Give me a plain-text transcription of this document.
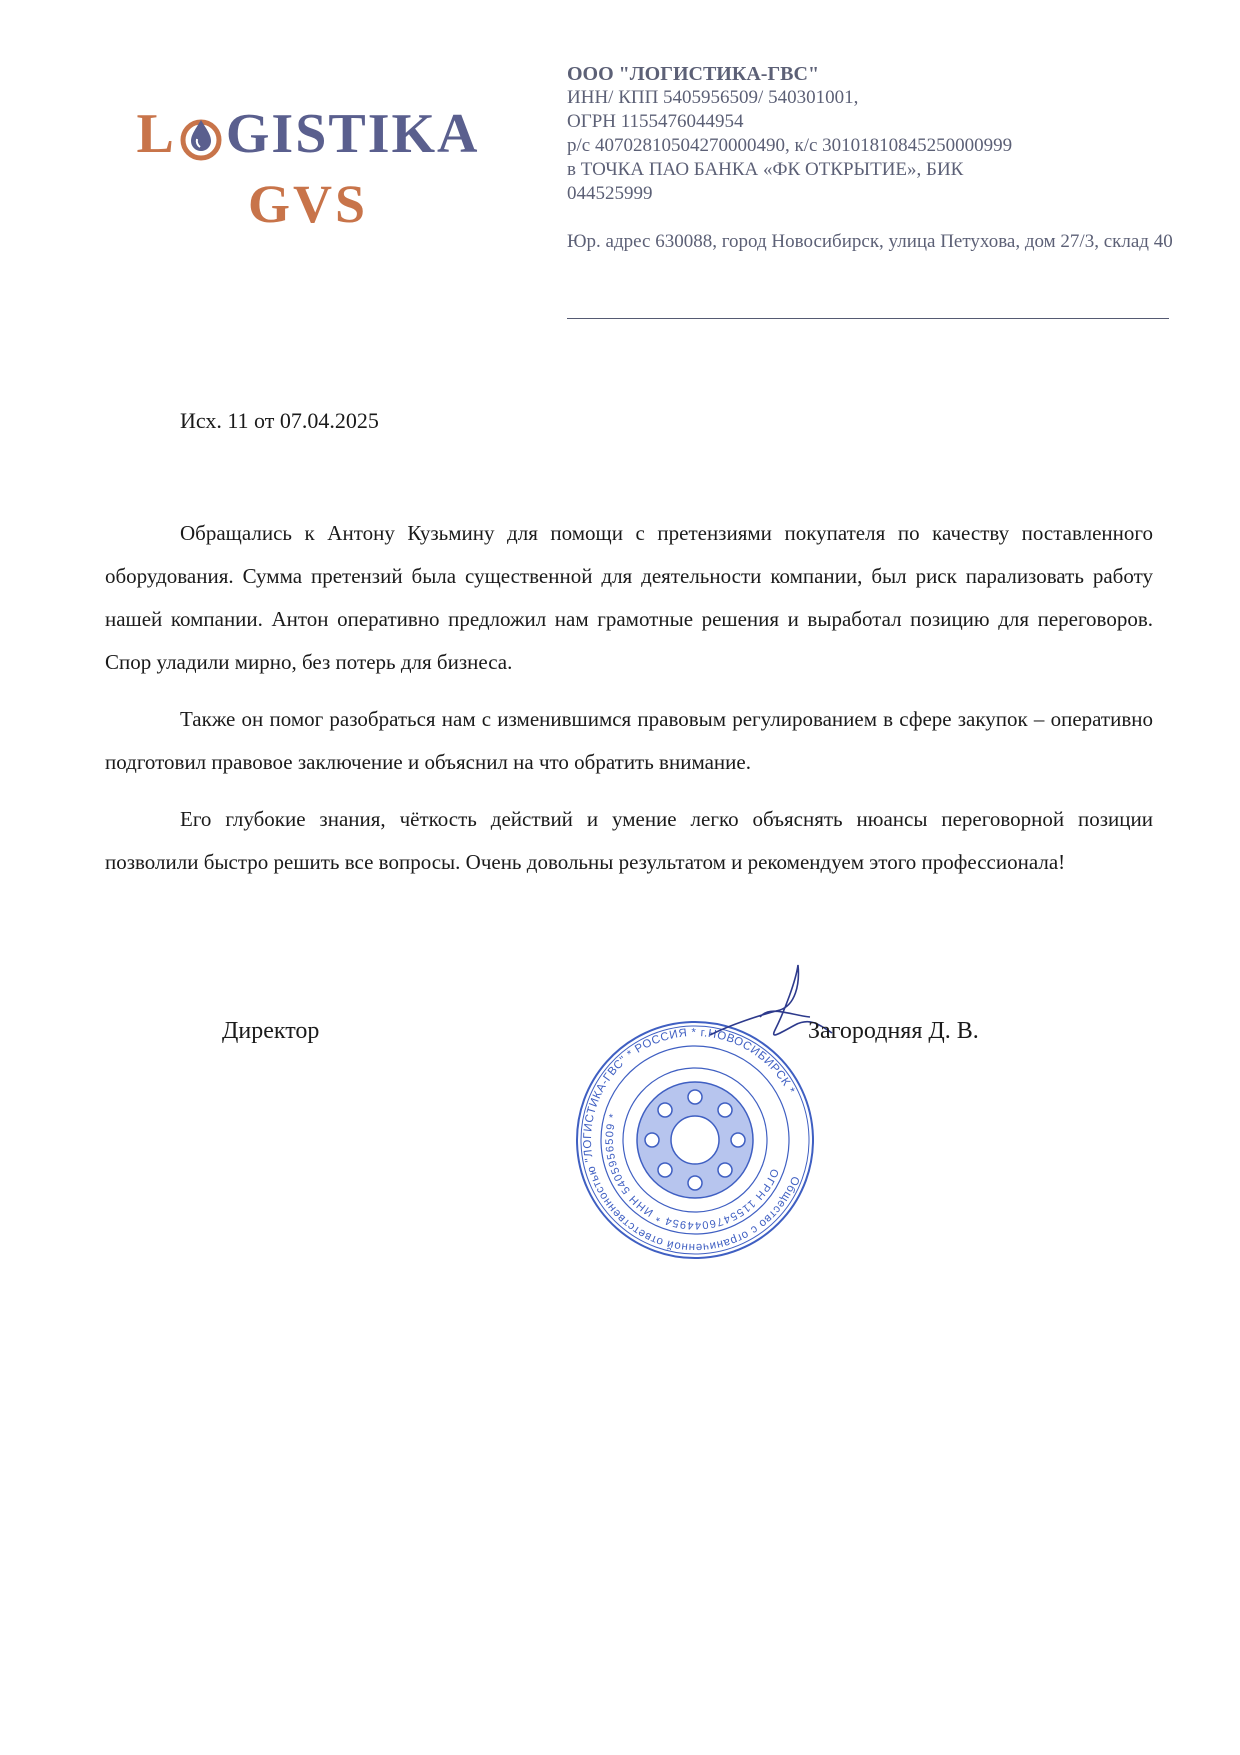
L GISTIKA
GVS
ООО "ЛОГИСТИКА-ГВС"
ИНН/ КПП 5405956509/ 540301001,
ОГРН 1155476044954
р/с 40702810504270000490, к/с 30101810845250000999
в ТОЧКА ПАО БАНКА «ФК ОТКРЫТИЕ», БИК
044525999
Юр. адрес 630088, город Новосибирск, улица Петухова, дом 27/3, склад 40
Исх. 11 от 07.04.2025

Обращались к Антону Кузьмину для помощи с претензиями покупателя по качеству поставленного оборудования. Сумма претензий была существенной для деятельности компании, был риск парализовать работу нашей компании. Антон оперативно предложил нам грамотные решения и выработал позицию для переговоров. Спор уладили мирно, без потерь для бизнеса.

Также он помог разобраться нам с изменившимся правовым регулированием в сфере закупок – оперативно подготовил правовое заключение и объяснил на что обратить внимание.

Его глубокие знания, чёткость действий и умение легко объяснять нюансы переговорной позиции позволили быстро решить все вопросы. Очень довольны результатом и рекомендуем этого профессионала!

Общество с ограниченной ответственностью "ЛОГИСТИКА-ГВС" * РОССИЯ * г.НОВОСИБИРСК *
ОГРН 1155476044954 * ИНН 5405956509 *
Директор	Загородняя Д. В.
